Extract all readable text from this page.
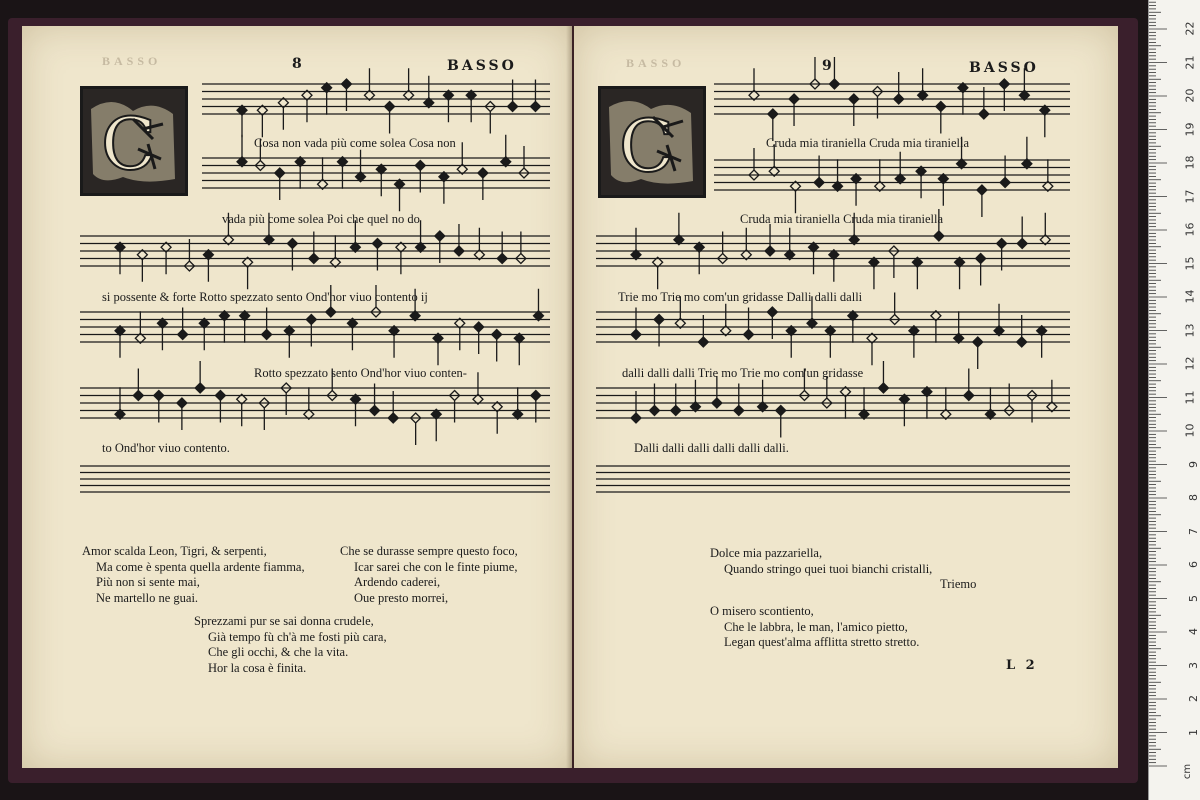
BASSO	8	BASSO
C	Cosa non vada più come solea Cosa non
vada più come solea Poi che quel no do
si possente & forte Rotto spezzato sento Ond'hor viuo contento ij
Rotto spezzato sento Ond'hor viuo conten-
to Ond'hor viuo contento.
Amor scalda Leon, Tigri, & serpenti,
Ma come è spenta quella ardente fiamma,
Più non si sente mai,
Ne martello ne guai.
Che se durasse sempre questo foco,
Icar sarei che con le finte piume,
Ardendo caderei,
Oue presto morrei,
Sprezzami pur se sai donna crudele,
Già tempo fù ch'à me fosti più cara,
Che gli occhi, & che la vita.
Hor la cosa è finita.
BASSO	9	BASSO
C	Cruda mia tiraniella Cruda mia tiraniella
Cruda mia tiraniella Cruda mia tiraniella
Trie mo Trie mo com'un gridasse Dalli dalli dalli
dalli dalli dalli Trie mo Trie mo com'un gridasse
Dalli dalli dalli dalli dalli dalli.
Dolce mia pazzariella,
Quando stringo quei tuoi bianchi cristalli,
Triemo
O misero scontiento,
Che le labbra, le man, l'amico pietto,
Legan quest'alma afflitta stretto stretto.
L 2
22
21
20
19
18
17
16
15
14
13
12
11
10
9
8
7
6
5
4
3
2
1
cm
